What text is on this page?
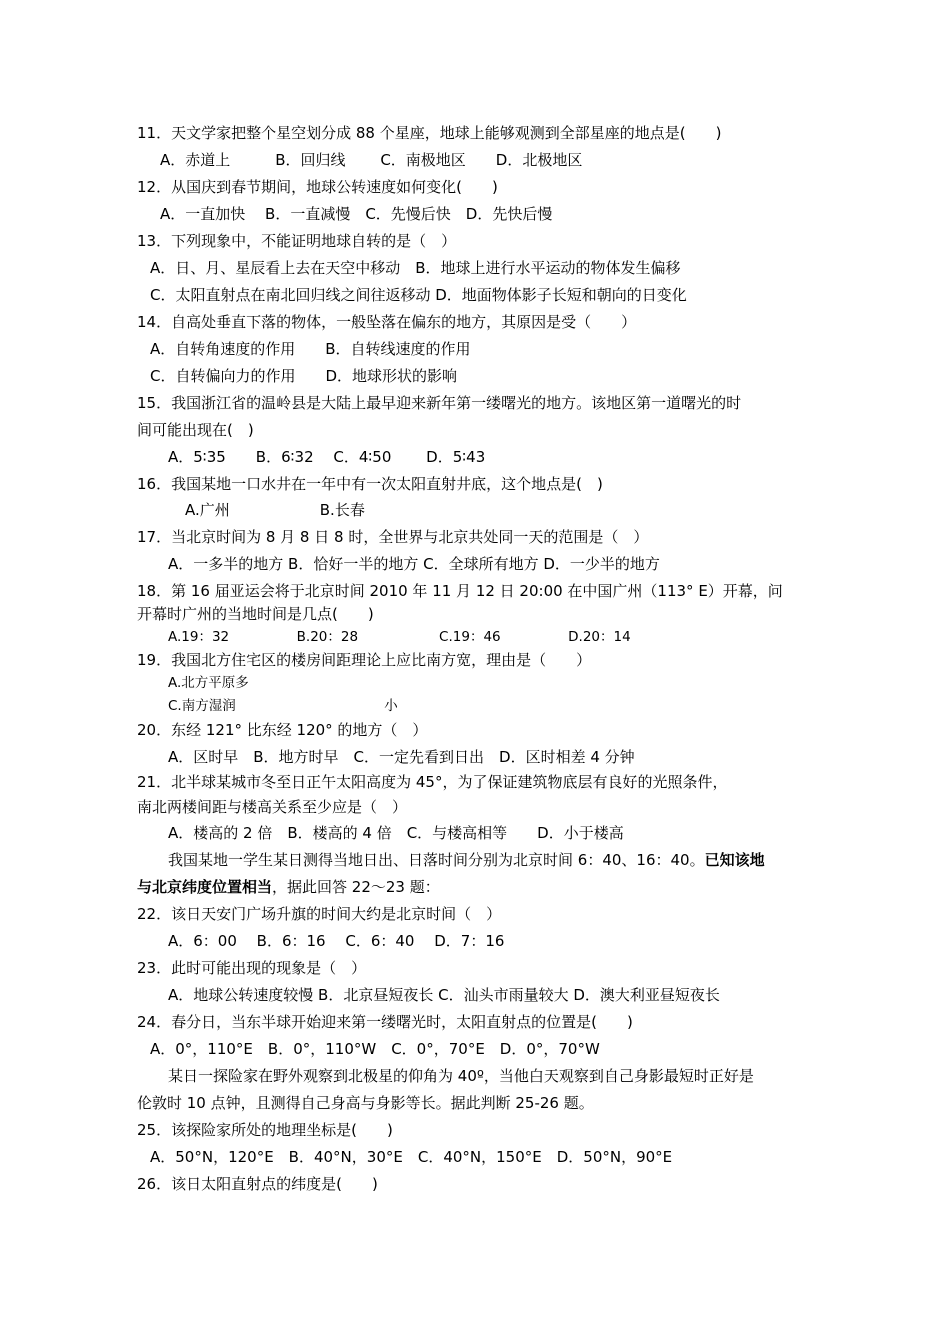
11．天文学家把整个星空划分成 88 个星座，地球上能够观测到全部星座的地点是(　　)
A．赤道上　　　B．回归线　　 C．南极地区　　D．北极地区
12．从国庆到春节期间，地球公转速度如何变化(　　)
A．一直加快　 B．一直减慢　C．先慢后快　D．先快后慢
13．下列现象中，不能证明地球自转的是（　）
A．日、月、星辰看上去在天空中移动　B．地球上进行水平运动的物体发生偏移
C．太阳直射点在南北回归线之间往返移动 D．地面物体影子长短和朝向的日变化
14．自高处垂直下落的物体，一般坠落在偏东的地方，其原因是受（　　）
A．自转角速度的作用　　B．自转线速度的作用
C．自转偏向力的作用　　D．地球形状的影响
15．我国浙江省的温岭县是大陆上最早迎来新年第一缕曙光的地方。该地区第一道曙光的时
间可能出现在(　)
A．5∶35　　B．6∶32　 C．4∶50　　 D．5∶43
16．我国某地一口水井在一年中有一次太阳直射井底，这个地点是(　)
A.广州　　　　　　B.长春
17．当北京时间为 8 月 8 日 8 时，全世界与北京共处同一天的范围是（　）
A．一多半的地方 B．恰好一半的地方 C．全球所有地方 D．一少半的地方
18．第 16 届亚运会将于北京时间 2010 年 11 月 12 日 20:00 在中国广州（113° E）开幕，问
开幕时广州的当地时间是几点(　　)
A.19：32　　　　　B.20：28　　　　　　C.19：46　　　　　D.20：14
19．我国北方住宅区的楼房间距理论上应比南方宽，理由是（　　）
A.北方平原多
C.南方湿润　　　　　　　　　　　小
20．东经 121° 比东经 120° 的地方（　）
A．区时早　B．地方时早　C．一定先看到日出　D．区时相差 4 分钟
21．北半球某城市冬至日正午太阳高度为 45°，为了保证建筑物底层有良好的光照条件，
南北两楼间距与楼高关系至少应是（　）
A．楼高的 2 倍　B．楼高的 4 倍　C．与楼高相等　　D．小于楼高
我国某地一学生某日测得当地日出、日落时间分别为北京时间 6：40、16：40。已知该地
与北京纬度位置相当，据此回答 22～23 题：
22．该日天安门广场升旗的时间大约是北京时间（　）
A．6：00　 B．6：16　 C．6：40　 D．7：16
23．此时可能出现的现象是（　）
A．地球公转速度较慢 B．北京昼短夜长 C．汕头市雨量较大 D．澳大利亚昼短夜长
24．春分日，当东半球开始迎来第一缕曙光时，太阳直射点的位置是(　　)
A．0°，110°E　B．0°，110°W　C．0°，70°E　D．0°，70°W
某日一探险家在野外观察到北极星的仰角为 40º，当他白天观察到自己身影最短时正好是
伦敦时 10 点钟，且测得自己身高与身影等长。据此判断 25-26 题。
25．该探险家所处的地理坐标是(　　)
A．50°N，120°E　B．40°N，30°E　C．40°N，150°E　D．50°N，90°E
26．该日太阳直射点的纬度是(　　)
